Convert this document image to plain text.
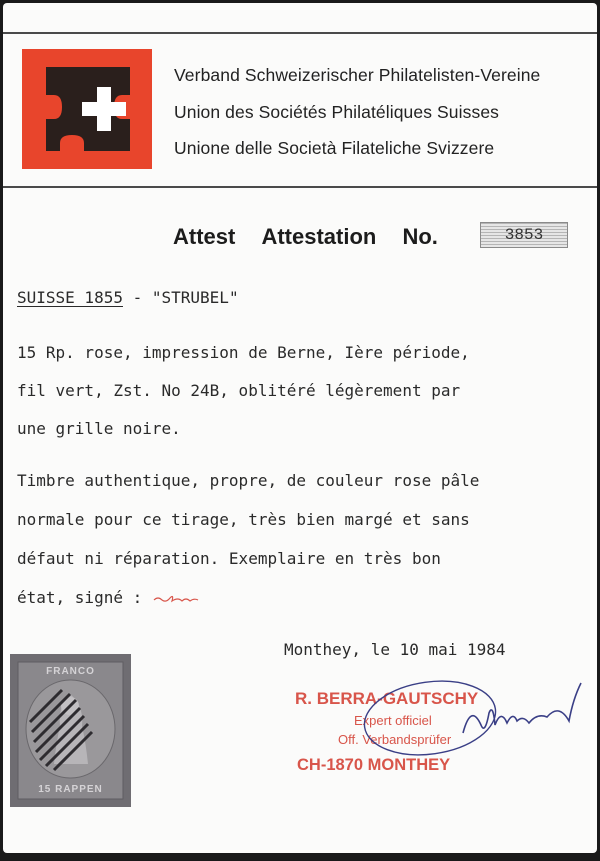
Verband Schweizerischer Philatelisten-Vereine
Union des Sociétés Philatéliques Suisses
Unione delle Società Filateliche Svizzere
Attest Attestation No.	3853
SUISSE 1855 - "STRUBEL"
15 Rp. rose, impression de Berne, Ière période,
fil vert, Zst. No 24B, oblitéré légèrement par
une grille noire.
Timbre authentique, propre, de couleur rose pâle
normale pour ce tirage, très bien margé et sans
défaut ni réparation. Exemplaire en très bon
état, signé :
Monthey, le 10 mai 1984
R. BERRA-GAUTSCHY
Expert officiel
Off. Verbandsprüfer
CH-1870 MONTHEY
FRANCO
15 RAPPEN
